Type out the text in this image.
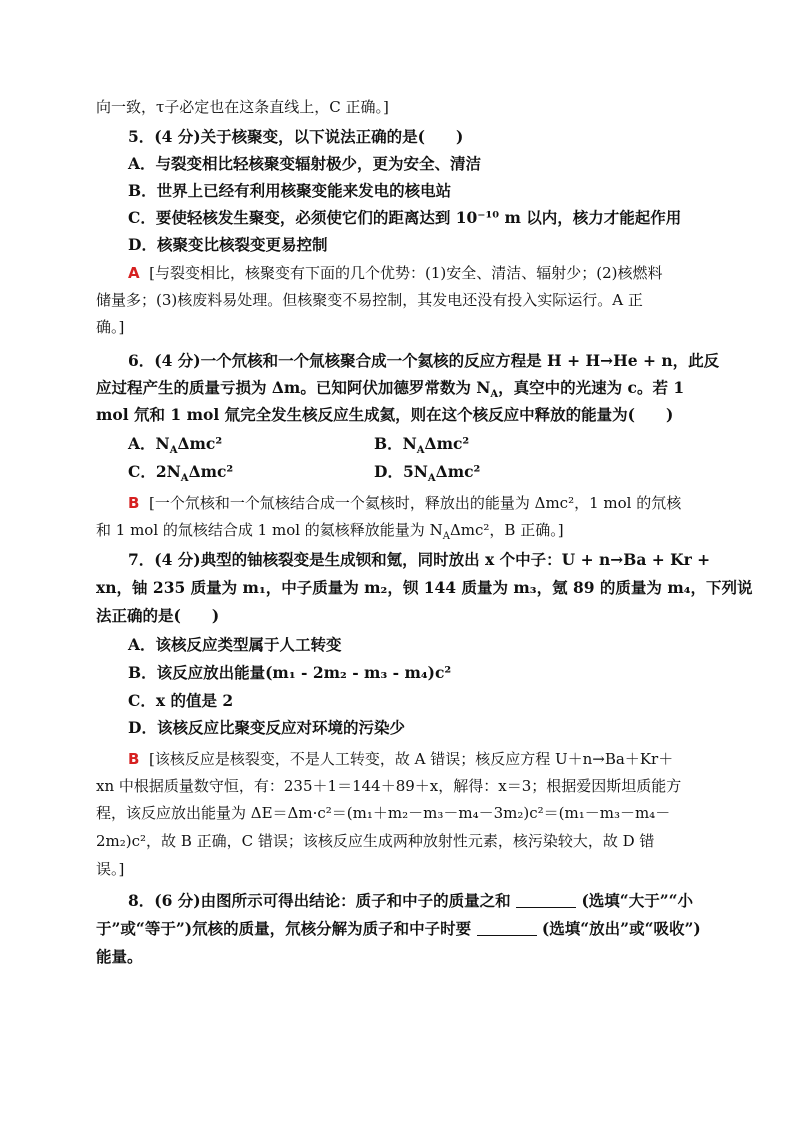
向一致，τ子必定也在这条直线上，C 正确。]
5．(4 分)关于核聚变，以下说法正确的是(　　)
A．与裂变相比轻核聚变辐射极少，更为安全、清洁
B．世界上已经有利用核聚变能来发电的核电站
C．要使轻核发生聚变，必须使它们的距离达到 10⁻¹⁰ m 以内，核力才能起作用
D．核聚变比核裂变更易控制
A [与裂变相比，核聚变有下面的几个优势：(1)安全、清洁、辐射少；(2)核燃料
储量多；(3)核废料易处理。但核聚变不易控制，其发电还没有投入实际运行。A 正
确。]
6．(4 分)一个氘核和一个氚核聚合成一个氦核的反应方程是 H + H→He + n，此反
应过程产生的质量亏损为 Δm。已知阿伏加德罗常数为 $N_A$，真空中的光速为 c。若 1
mol 氘和 1 mol 氚完全发生核反应生成氦，则在这个核反应中释放的能量为(　　)
A．$N_A\Delta mc^2$	B．$N_A\Delta mc^2$
C．$2N_A\Delta mc^2$	D．$5N_A\Delta mc^2$
B [一个氘核和一个氚核结合成一个氦核时，释放出的能量为 Δmc²，1 mol 的氘核
和 1 mol 的氚核结合成 1 mol 的氦核释放能量为 $N_A\Delta mc^2$，B 正确。]
7．(4 分)典型的铀核裂变是生成钡和氪，同时放出 x 个中子：U + n→Ba + Kr +
xn，铀 235 质量为 m₁，中子质量为 m₂，钡 144 质量为 m₃，氪 89 的质量为 m₄，下列说
法正确的是(　　)
A．该核反应类型属于人工转变
B．该反应放出能量(m₁ - 2m₂ - m₃ - m₄)c²
C．x 的值是 2
D．该核反应比聚变反应对环境的污染少
B [该核反应是核裂变，不是人工转变，故 A 错误；核反应方程 U＋n→Ba＋Kr＋
xn 中根据质量数守恒，有：235＋1＝144＋89＋x，解得：x＝3；根据爱因斯坦质能方
程，该反应放出能量为 ΔE＝Δm·c²＝(m₁＋m₂－m₃－m₄－3m₂)c²＝(m₁－m₃－m₄－
2m₂)c²，故 B 正确，C 错误；该核反应生成两种放射性元素，核污染较大，故 D 错
误。]
8．(6 分)由图所示可得出结论：质子和中子的质量之和	(选填“大于”“小
于”或“等于”)氘核的质量，氘核分解为质子和中子时要	(选填“放出”或“吸收”)
能量。
